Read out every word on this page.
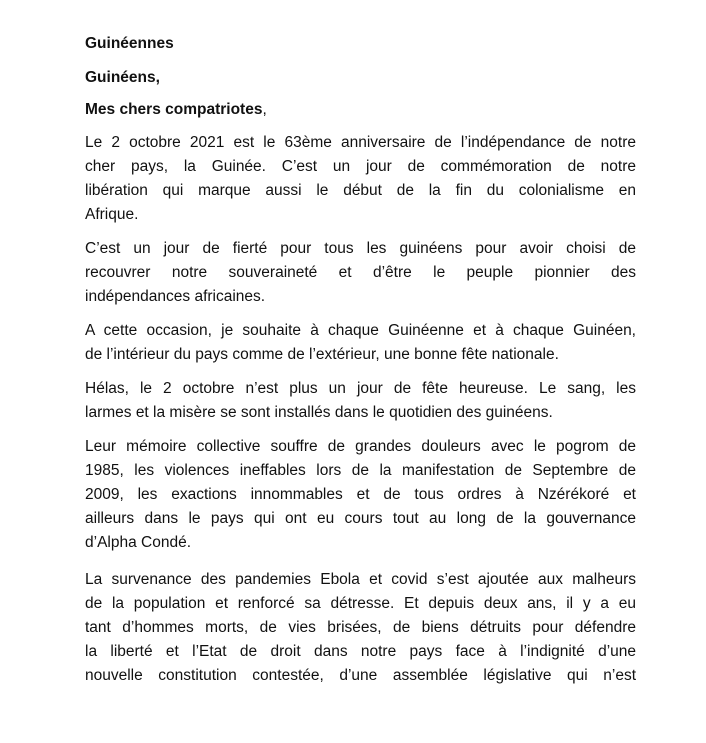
Guinéennes
Guinéens,
Mes chers compatriotes,
Le 2 octobre 2021 est le 63ème anniversaire de l’indépendance de notre
cher pays, la Guinée. C’est un jour de commémoration de notre
libération qui marque aussi le début de la fin du colonialisme en
Afrique.
C’est un jour de fierté pour tous les guinéens pour avoir choisi de
recouvrer notre souveraineté et d’être le peuple pionnier des
indépendances africaines.
A cette occasion, je souhaite à chaque Guinéenne et à chaque Guinéen,
de l’intérieur du pays comme de l’extérieur, une bonne fête nationale.
Hélas, le 2 octobre n’est plus un jour de fête heureuse. Le sang, les
larmes et la misère se sont installés dans le quotidien des guinéens.
Leur mémoire collective souffre de grandes douleurs avec le pogrom de
1985, les violences ineffables lors de la manifestation de Septembre de
2009, les exactions innommables et de tous ordres à Nzérékoré et
ailleurs dans le pays qui ont eu cours tout au long de la gouvernance
d’Alpha Condé.
La survenance des pandemies Ebola et covid s’est ajoutée aux malheurs
de la population et renforcé sa détresse. Et depuis deux ans, il y a eu
tant d’hommes morts, de vies brisées, de biens détruits pour défendre
la liberté et l’Etat de droit dans notre pays face à l’indignité d’une
nouvelle constitution contestée, d’une assemblée législative qui n’est
